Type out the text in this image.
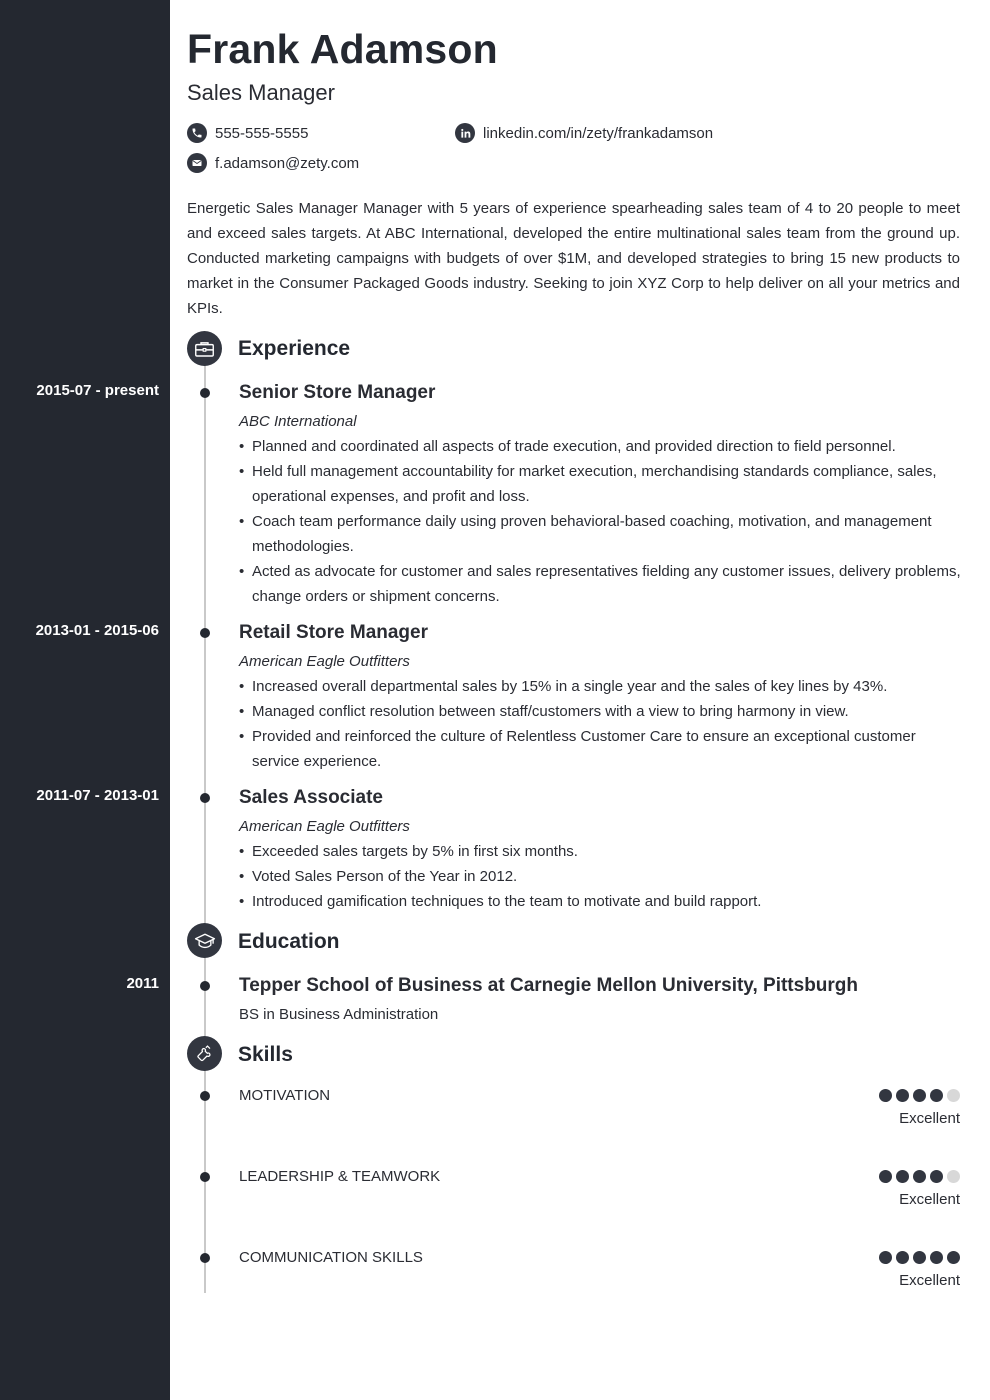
Frank Adamson
Sales Manager
555-555-5555	linkedin.com/in/zety/frankadamson
f.adamson@zety.com

Energetic Sales Manager Manager with 5 years of experience spearheading sales team of 4 to 20 people to meet and exceed sales targets. At ABC International, developed the entire multinational sales team from the ground up. Conducted marketing campaigns with budgets of over $1M, and developed strategies to bring 15 new products to market in the Consumer Packaged Goods industry. Seeking to join XYZ Corp to help deliver on all your metrics and KPIs.

Experience
2015-07 - present	Senior Store Manager
ABC International
• Planned and coordinated all aspects of trade execution, and provided direction to field personnel.
• Held full management accountability for market execution, merchandising standards compliance, sales, operational expenses, and profit and loss.
• Coach team performance daily using proven behavioral-based coaching, motivation, and management methodologies.
• Acted as advocate for customer and sales representatives fielding any customer issues, delivery problems, change orders or shipment concerns.
2013-01 - 2015-06	Retail Store Manager
American Eagle Outfitters
• Increased overall departmental sales by 15% in a single year and the sales of key lines by 43%.
• Managed conflict resolution between staff/customers with a view to bring harmony in view.
• Provided and reinforced the culture of Relentless Customer Care to ensure an exceptional customer service experience.
2011-07 - 2013-01	Sales Associate
American Eagle Outfitters
• Exceeded sales targets by 5% in first six months.
• Voted Sales Person of the Year in 2012.
• Introduced gamification techniques to the team to motivate and build rapport.
Education
2011	Tepper School of Business at Carnegie Mellon University, Pittsburgh
BS in Business Administration
Skills
MOTIVATION
Excellent
LEADERSHIP & TEAMWORK
Excellent
COMMUNICATION SKILLS
Excellent
